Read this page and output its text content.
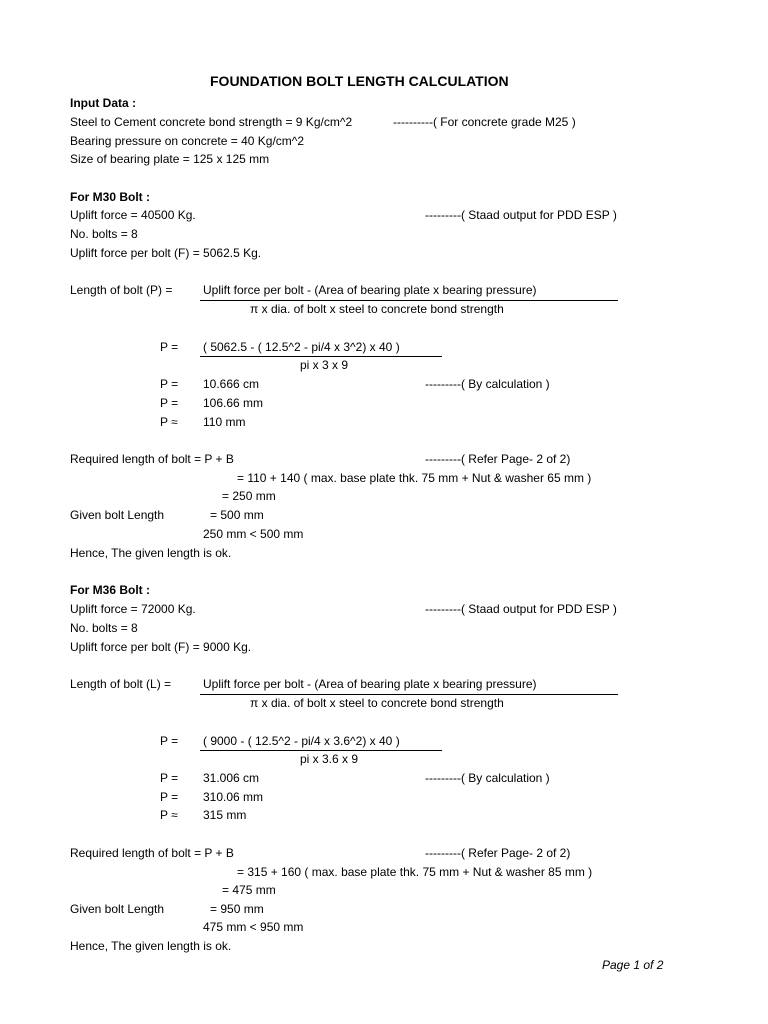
FOUNDATION BOLT LENGTH CALCULATION
Input Data :
Steel to Cement concrete bond strength = 9 Kg/cm^2	----------( For concrete grade M25 )
Bearing pressure on concrete = 40 Kg/cm^2
Size of bearing plate = 125 x 125 mm
For M30 Bolt :
Uplift force = 40500 Kg.	---------( Staad output for PDD ESP )
No. bolts = 8
Uplift force per bolt (F) = 5062.5 Kg.
Length of bolt (P) =	Uplift force per bolt - (Area of bearing plate x bearing pressure)
π x dia. of bolt x steel to concrete bond strength
P = ( 5062.5 - ( 12.5^2 - pi/4 x 3^2) x 40 )
pi x 3 x 9
P = 10.666 cm	---------( By calculation )
P = 106.66 mm
P ≈ 110 mm
Required length of bolt = P + B	---------( Refer Page- 2 of 2)
= 110 + 140 ( max. base plate thk. 75 mm + Nut & washer 65 mm )
= 250 mm
Given bolt Length	= 500 mm
250 mm < 500 mm
Hence, The given length is ok.
For M36 Bolt :
Uplift force = 72000 Kg.	---------( Staad output for PDD ESP )
No. bolts = 8
Uplift force per bolt (F) = 9000 Kg.
Length of bolt (L) =	Uplift force per bolt - (Area of bearing plate x bearing pressure)
π x dia. of bolt x steel to concrete bond strength
P = ( 9000 - ( 12.5^2 - pi/4 x 3.6^2) x 40 )
pi x 3.6 x 9
P = 31.006 cm	---------( By calculation )
P = 310.06 mm
P ≈ 315 mm
Required length of bolt = P + B	---------( Refer Page- 2 of 2)
= 315 + 160 ( max. base plate thk. 75 mm + Nut & washer 85 mm )
= 475 mm
Given bolt Length	= 950 mm
475 mm < 950 mm
Hence, The given length is ok.
Page 1 of 2
